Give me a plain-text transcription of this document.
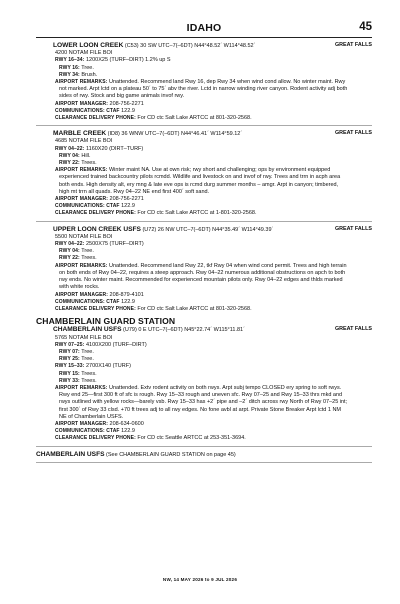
IDAHO	45
GREAT FALLS
LOWER LOON CREEK (C53) 30 SW UTC–7(–6DT) N44°48.52´ W114°48.52´
4200 NOTAM FILE BOI
RWY 16–34: 1200X25 (TURF–DIRT) 1.2% up S
RWY 16: Tree.
RWY 34: Brush.
AIRPORT REMARKS: Unattended. Recommend land Rwy 16, dep Rwy 34 when wind cond allow. No winter maint. Rwy not marked. Arpt lctd on a plateau 50´ to 75´ abv the river. Lctd in narrow winding river canyon. Rodent activity adj both sides of rwy. Stock and big game animals invof rwy.
AIRPORT MANAGER: 208-756-2271
COMMUNICATIONS: CTAF 122.9
CLEARANCE DELIVERY PHONE: For CD ctc Salt Lake ARTCC at 801-320-2568.
GREAT FALLS
MARBLE CREEK (ID8) 36 WNW UTC–7(–6DT) N44°46.41´ W114°59.12´
4685 NOTAM FILE BOI
RWY 04–22: 1160X20 (DIRT–TURF)
RWY 04: Hill.
RWY 22: Trees.
AIRPORT REMARKS: Winter maint NA. Use at own risk; rwy short and challenging; ops by environment equipped experienced trained backcountry pilots rcmdd. Wildlife and livestock on and invof of rwy. Trees and trrn in acph area both ends. High density alt, ery mng & late eve ops is rcmd durg summer months – amgr. Arpt in canyon; timbered, high mt trrn all quads. Rwy 04–22 NE end first 400´ soft sand.
AIRPORT MANAGER: 208-756-2271
COMMUNICATIONS: CTAF 122.9
CLEARANCE DELIVERY PHONE: For CD ctc Salt Lake ARTCC at 1-801-320-2568.
GREAT FALLS
UPPER LOON CREEK USFS (U72) 26 NW UTC–7(–6DT) N44°35.49´ W114°49.39´
5500 NOTAM FILE BOI
RWY 04–22: 2500X75 (TURF–DIRT)
RWY 04: Tree.
RWY 22: Trees.
AIRPORT REMARKS: Unattended. Recommend land Rwy 22, tkf Rwy 04 when wind cond permit. Trees and high terrain on both ends of Rwy 04–22, requires a steep approach. Rwy 04–22 numerous additional obstructions on apch to both rwy ends. No winter maint. Recommended for experienced mountain pilots only. Rwy 04–22 edges and thlds marked with white rocks.
AIRPORT MANAGER: 208-879-4101
COMMUNICATIONS: CTAF 122.9
CLEARANCE DELIVERY PHONE: For CD ctc Salt Lake ARTCC at 801-320-2568.
CHAMBERLAIN GUARD STATION
GREAT FALLS
CHAMBERLAIN USFS (U79) 0 E UTC–7(–6DT) N45°22.74´ W115°11.81´
5765 NOTAM FILE BOI
RWY 07–25: 4100X200 (TURF–DIRT)
RWY 07: Tree.
RWY 25: Tree.
RWY 15–33: 2700X140 (TURF)
RWY 15: Trees.
RWY 33: Trees.
AIRPORT REMARKS: Unattended. Extv rodent activity on both rwys. Arpt subj tempo CLOSED ery spring to soft rwys. Rwy end 25—first 300 ft of sfc is rough. Rwy 15–33 rough and uneven sfc. Rwy 07–25 and Rwy 15–33 thrs mkd and rwys outlined with yellow rocks—barely vsb. Rwy 15–33 has +2´ pipe and –2´ ditch across rwy North of Rwy 07–25 int; first 300´ of Rwy 33 clsd. +70 ft trees adj to all rwy edges. No fone avbl at arpt. Private Stone Breaker Arpt lctd 1 NM NE of Chamberlain USFS.
AIRPORT MANAGER: 208-634-0600
COMMUNICATIONS: CTAF 122.9
CLEARANCE DELIVERY PHONE: For CD ctc Seattle ARTCC at 253-351-3694.
CHAMBERLAIN USFS (See CHAMBERLAIN GUARD STATION on page 45)
NW, 14 MAY 2026 to 9 JUL 2026
